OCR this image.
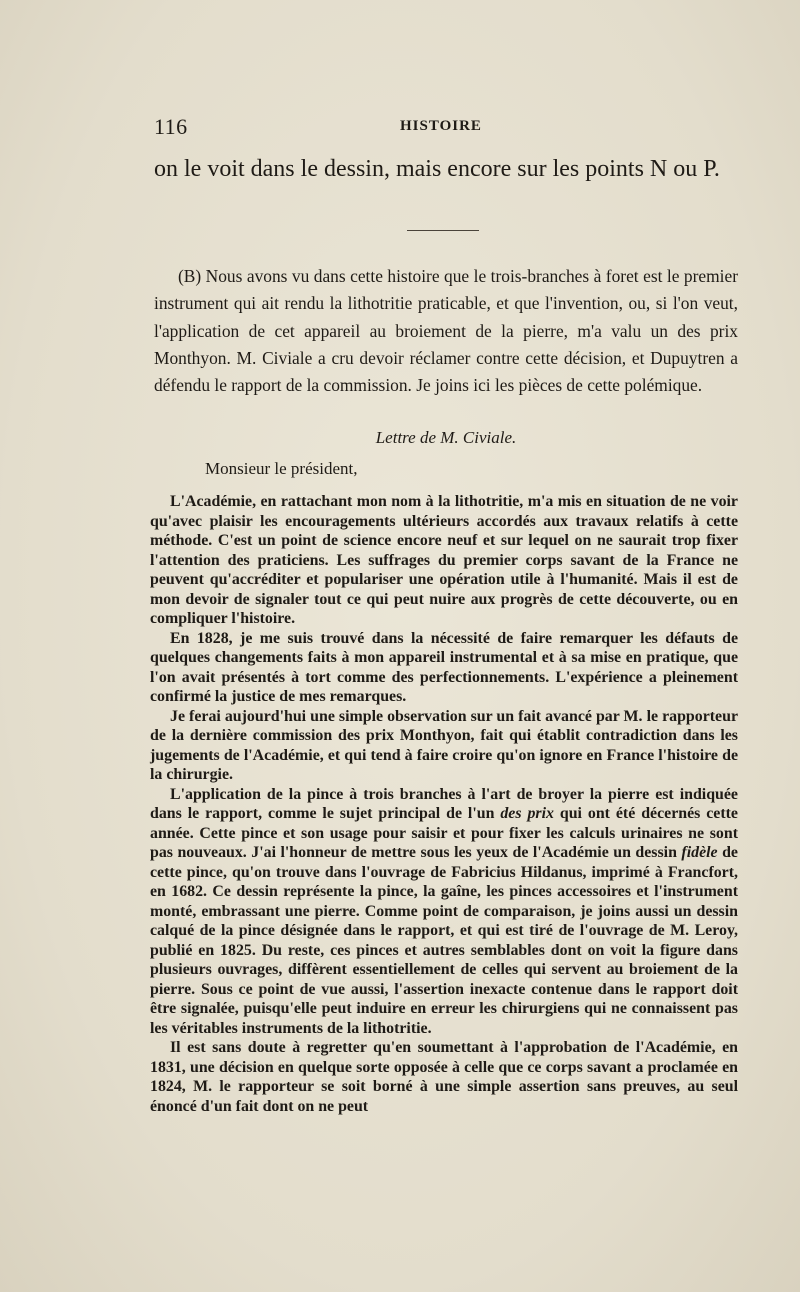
116	HISTOIRE
on le voit dans le dessin, mais encore sur les points N ou P.

(B) Nous avons vu dans cette histoire que le trois-branches à foret est le premier instrument qui ait rendu la lithotritie praticable, et que l'invention, ou, si l'on veut, l'application de cet appareil au broiement de la pierre, m'a valu un des prix Monthyon. M. Civiale a cru devoir réclamer contre cette décision, et Dupuytren a défendu le rapport de la commission. Je joins ici les pièces de cette polémique.

Lettre de M. Civiale.
Monsieur le président,

L'Académie, en rattachant mon nom à la lithotritie, m'a mis en situation de ne voir qu'avec plaisir les encouragements ultérieurs accordés aux travaux relatifs à cette méthode. C'est un point de science encore neuf et sur lequel on ne saurait trop fixer l'attention des praticiens. Les suffrages du premier corps savant de la France ne peuvent qu'accréditer et populariser une opération utile à l'humanité. Mais il est de mon devoir de signaler tout ce qui peut nuire aux progrès de cette découverte, ou en compliquer l'histoire.

En 1828, je me suis trouvé dans la nécessité de faire remarquer les défauts de quelques changements faits à mon appareil instrumental et à sa mise en pratique, que l'on avait présentés à tort comme des perfectionnements. L'expérience a pleinement confirmé la justice de mes remarques.

Je ferai aujourd'hui une simple observation sur un fait avancé par M. le rapporteur de la dernière commission des prix Monthyon, fait qui établit contradiction dans les jugements de l'Académie, et qui tend à faire croire qu'on ignore en France l'histoire de la chirurgie.

L'application de la pince à trois branches à l'art de broyer la pierre est indiquée dans le rapport, comme le sujet principal de l'un des prix qui ont été décernés cette année. Cette pince et son usage pour saisir et pour fixer les calculs urinaires ne sont pas nouveaux. J'ai l'honneur de mettre sous les yeux de l'Académie un dessin fidèle de cette pince, qu'on trouve dans l'ouvrage de Fabricius Hildanus, imprimé à Francfort, en 1682. Ce dessin représente la pince, la gaîne, les pinces accessoires et l'instrument monté, embrassant une pierre. Comme point de comparaison, je joins aussi un dessin calqué de la pince désignée dans le rapport, et qui est tiré de l'ouvrage de M. Leroy, publié en 1825. Du reste, ces pinces et autres semblables dont on voit la figure dans plusieurs ouvrages, diffèrent essentiellement de celles qui servent au broiement de la pierre. Sous ce point de vue aussi, l'assertion inexacte contenue dans le rapport doit être signalée, puisqu'elle peut induire en erreur les chirurgiens qui ne connaissent pas les véritables instruments de la lithotritie.

Il est sans doute à regretter qu'en soumettant à l'approbation de l'Académie, en 1831, une décision en quelque sorte opposée à celle que ce corps savant a proclamée en 1824, M. le rapporteur se soit borné à une simple assertion sans preuves, au seul énoncé d'un fait dont on ne peut
